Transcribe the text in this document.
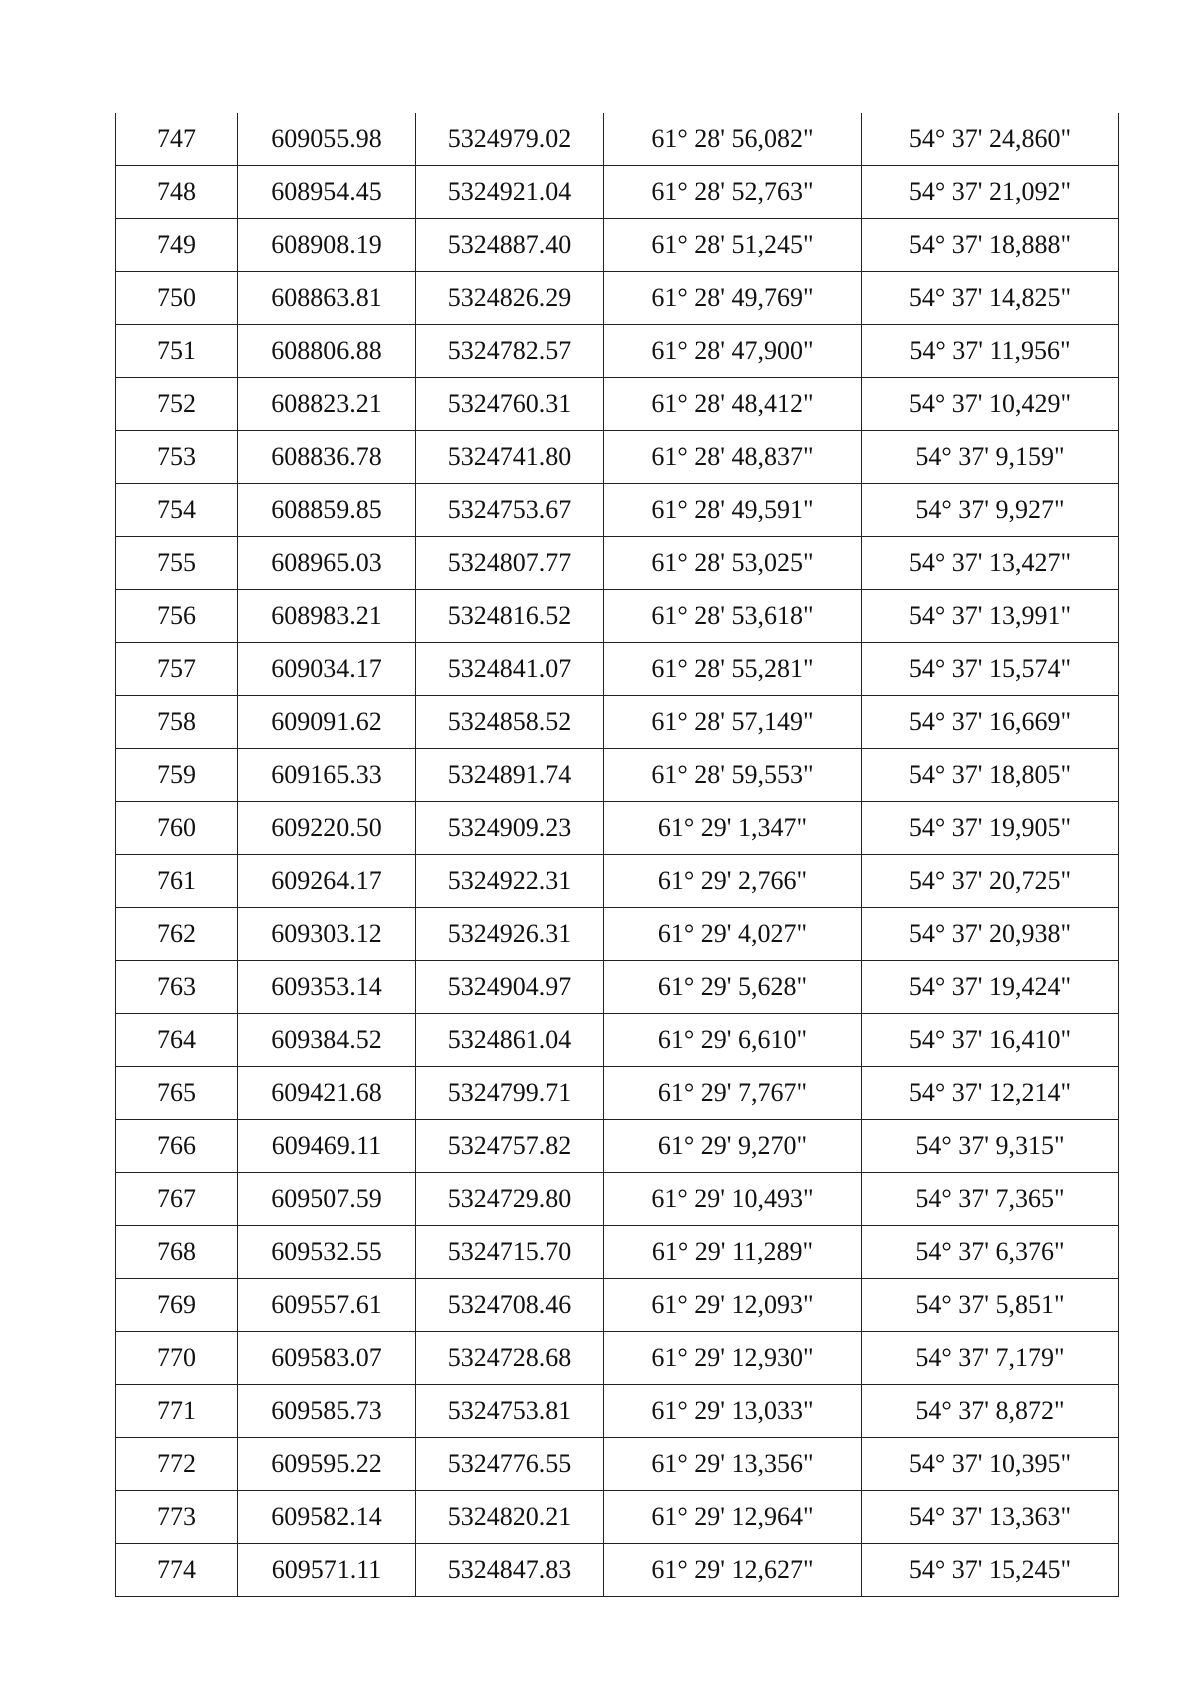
747	609055.98	5324979.02	61° 28' 56,082"	54° 37' 24,860"
748	608954.45	5324921.04	61° 28' 52,763"	54° 37' 21,092"
749	608908.19	5324887.40	61° 28' 51,245"	54° 37' 18,888"
750	608863.81	5324826.29	61° 28' 49,769"	54° 37' 14,825"
751	608806.88	5324782.57	61° 28' 47,900"	54° 37' 11,956"
752	608823.21	5324760.31	61° 28' 48,412"	54° 37' 10,429"
753	608836.78	5324741.80	61° 28' 48,837"	54° 37' 9,159"
754	608859.85	5324753.67	61° 28' 49,591"	54° 37' 9,927"
755	608965.03	5324807.77	61° 28' 53,025"	54° 37' 13,427"
756	608983.21	5324816.52	61° 28' 53,618"	54° 37' 13,991"
757	609034.17	5324841.07	61° 28' 55,281"	54° 37' 15,574"
758	609091.62	5324858.52	61° 28' 57,149"	54° 37' 16,669"
759	609165.33	5324891.74	61° 28' 59,553"	54° 37' 18,805"
760	609220.50	5324909.23	61° 29' 1,347"	54° 37' 19,905"
761	609264.17	5324922.31	61° 29' 2,766"	54° 37' 20,725"
762	609303.12	5324926.31	61° 29' 4,027"	54° 37' 20,938"
763	609353.14	5324904.97	61° 29' 5,628"	54° 37' 19,424"
764	609384.52	5324861.04	61° 29' 6,610"	54° 37' 16,410"
765	609421.68	5324799.71	61° 29' 7,767"	54° 37' 12,214"
766	609469.11	5324757.82	61° 29' 9,270"	54° 37' 9,315"
767	609507.59	5324729.80	61° 29' 10,493"	54° 37' 7,365"
768	609532.55	5324715.70	61° 29' 11,289"	54° 37' 6,376"
769	609557.61	5324708.46	61° 29' 12,093"	54° 37' 5,851"
770	609583.07	5324728.68	61° 29' 12,930"	54° 37' 7,179"
771	609585.73	5324753.81	61° 29' 13,033"	54° 37' 8,872"
772	609595.22	5324776.55	61° 29' 13,356"	54° 37' 10,395"
773	609582.14	5324820.21	61° 29' 12,964"	54° 37' 13,363"
774	609571.11	5324847.83	61° 29' 12,627"	54° 37' 15,245"
